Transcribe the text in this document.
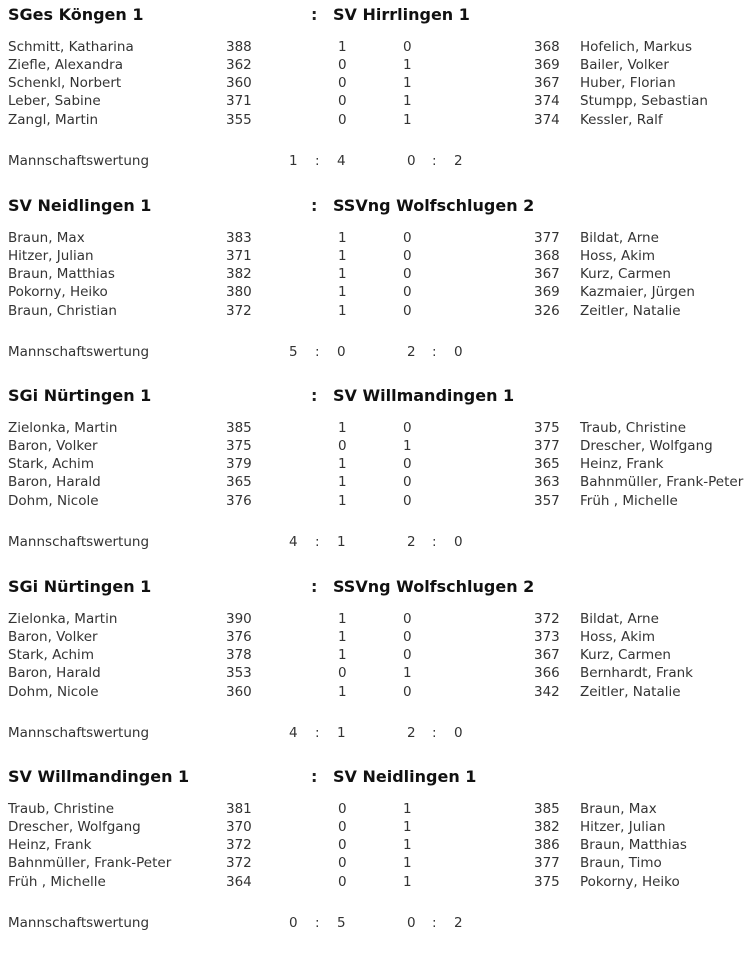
SGes Köngen 1	: SV Hirrlingen 1
Schmitt, Katharina	388	1	0	368 Hofelich, Markus
Ziefle, Alexandra	362	0	1	369 Bailer, Volker
Schenkl, Norbert	360	0	1	367 Huber, Florian
Leber, Sabine	371	0	1	374 Stumpp, Sebastian
Zangl, Martin	355	0	1	374 Kessler, Ralf
Mannschaftswertung	1 : 4	0 : 2
SV Neidlingen 1	: SSVng Wolfschlugen 2
Braun, Max	383	1	0	377 Bildat, Arne
Hitzer, Julian	371	1	0	368 Hoss, Akim
Braun, Matthias	382	1	0	367 Kurz, Carmen
Pokorny, Heiko	380	1	0	369 Kazmaier, Jürgen
Braun, Christian	372	1	0	326 Zeitler, Natalie
Mannschaftswertung	5 : 0	2 : 0
SGi Nürtingen 1	: SV Willmandingen 1
Zielonka, Martin	385	1	0	375 Traub, Christine
Baron, Volker	375	0	1	377 Drescher, Wolfgang
Stark, Achim	379	1	0	365 Heinz, Frank
Baron, Harald	365	1	0	363 Bahnmüller, Frank-Peter
Dohm, Nicole	376	1	0	357 Früh , Michelle
Mannschaftswertung	4 : 1	2 : 0
SGi Nürtingen 1	: SSVng Wolfschlugen 2
Zielonka, Martin	390	1	0	372 Bildat, Arne
Baron, Volker	376	1	0	373 Hoss, Akim
Stark, Achim	378	1	0	367 Kurz, Carmen
Baron, Harald	353	0	1	366 Bernhardt, Frank
Dohm, Nicole	360	1	0	342 Zeitler, Natalie
Mannschaftswertung	4 : 1	2 : 0
SV Willmandingen 1	: SV Neidlingen 1
Traub, Christine	381	0	1	385 Braun, Max
Drescher, Wolfgang	370	0	1	382 Hitzer, Julian
Heinz, Frank	372	0	1	386 Braun, Matthias
Bahnmüller, Frank-Peter	372	0	1	377 Braun, Timo
Früh , Michelle	364	0	1	375 Pokorny, Heiko
Mannschaftswertung	0 : 5	0 : 2
